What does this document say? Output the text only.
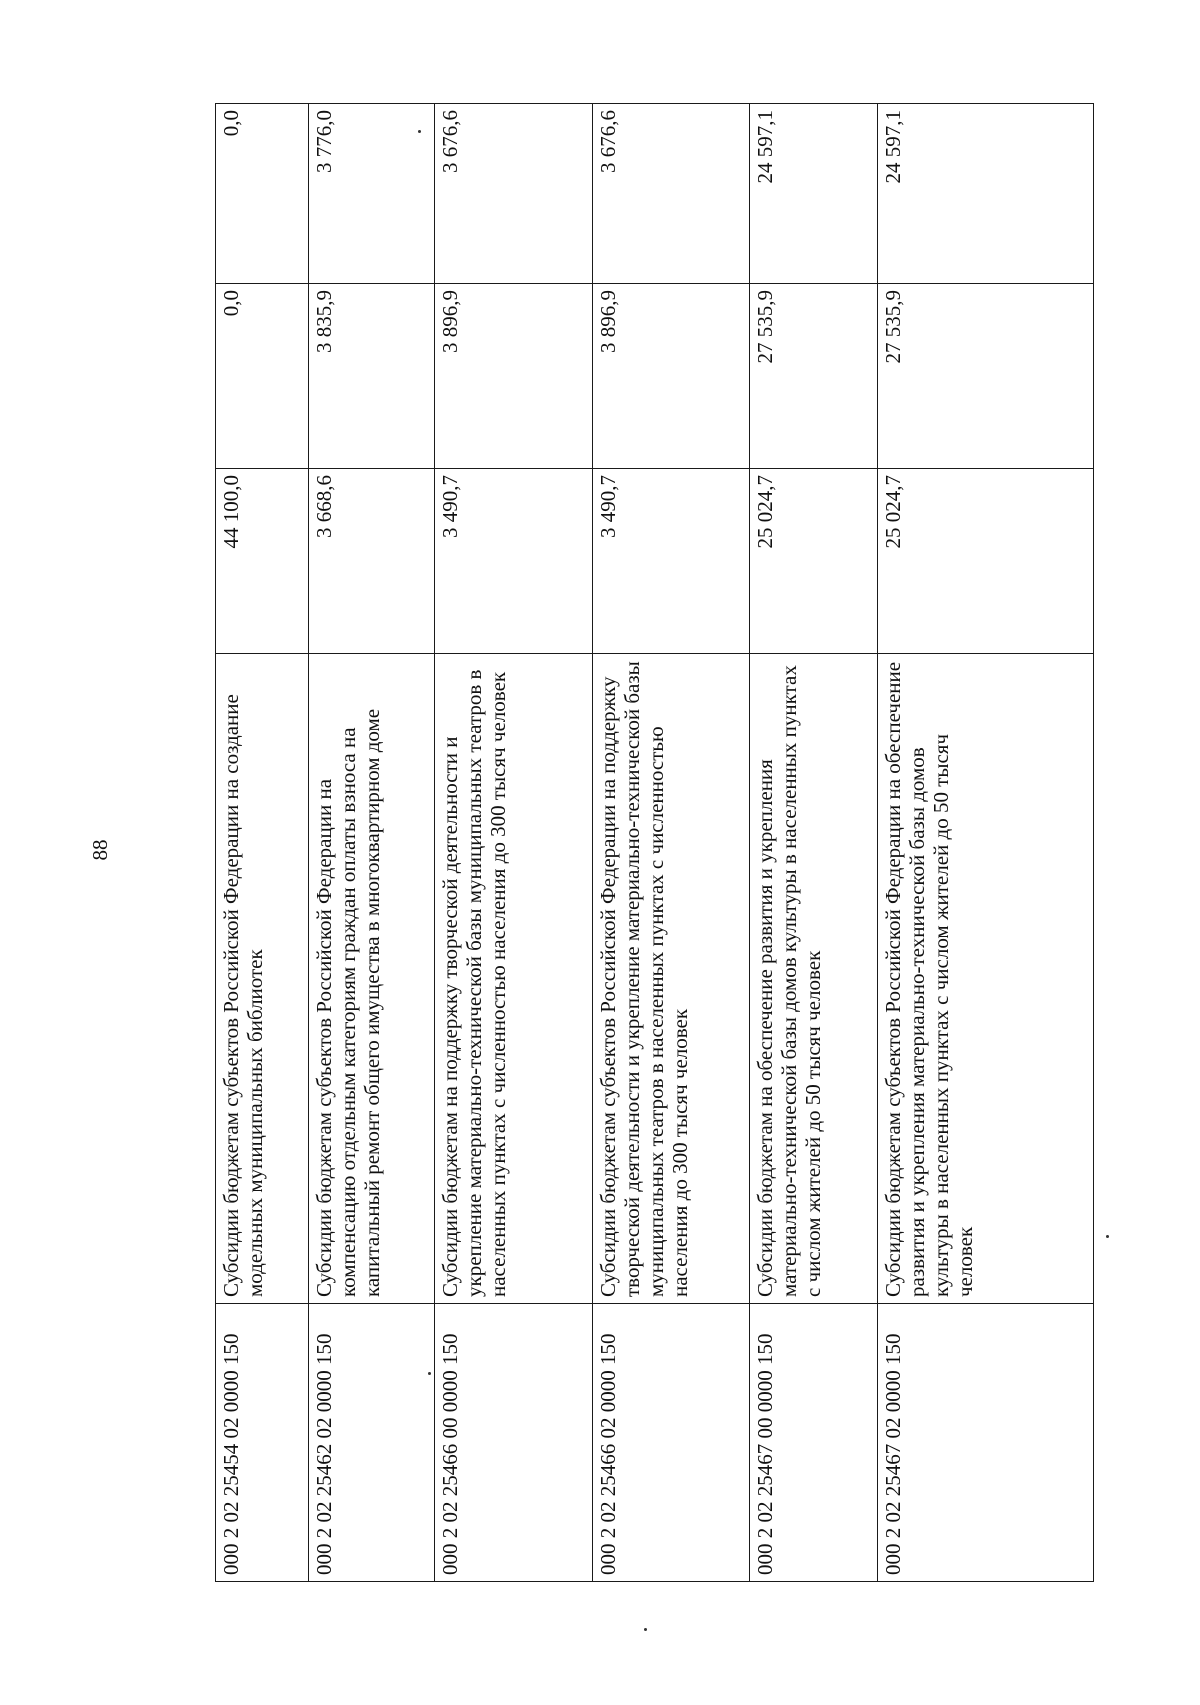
88
000 2 02 25454 02 0000 150	Субсидии бюджетам субъектов Российской Федерации на создание модельных муниципальных библиотек	44 100,0	0,0	0,0
000 2 02 25462 02 0000 150	Субсидии бюджетам субъектов Российской Федерации на компенсацию отдельным категориям граждан оплаты взноса на капитальный ремонт общего имущества в многоквартирном доме	3 668,6	3 835,9	3 776,0
000 2 02 25466 00 0000 150	Субсидии бюджетам на поддержку творческой деятельности и укрепление материально-технической базы муниципальных театров в населенных пунктах с численностью населения до 300 тысяч человек	3 490,7	3 896,9	3 676,6
000 2 02 25466 02 0000 150	Субсидии бюджетам субъектов Российской Федерации на поддержку творческой деятельности и укрепление материально-технической базы муниципальных театров в населенных пунктах с численностью населения до 300 тысяч человек	3 490,7	3 896,9	3 676,6
000 2 02 25467 00 0000 150	Субсидии бюджетам на обеспечение развития и укрепления материально-технической базы домов культуры в населенных пунктах с числом жителей до 50 тысяч человек	25 024,7	27 535,9	24 597,1
000 2 02 25467 02 0000 150	Субсидии бюджетам субъектов Российской Федерации на обеспечение развития и укрепления материально-технической базы домов культуры в населенных пунктах с числом жителей до 50 тысяч человек	25 024,7	27 535,9	24 597,1
